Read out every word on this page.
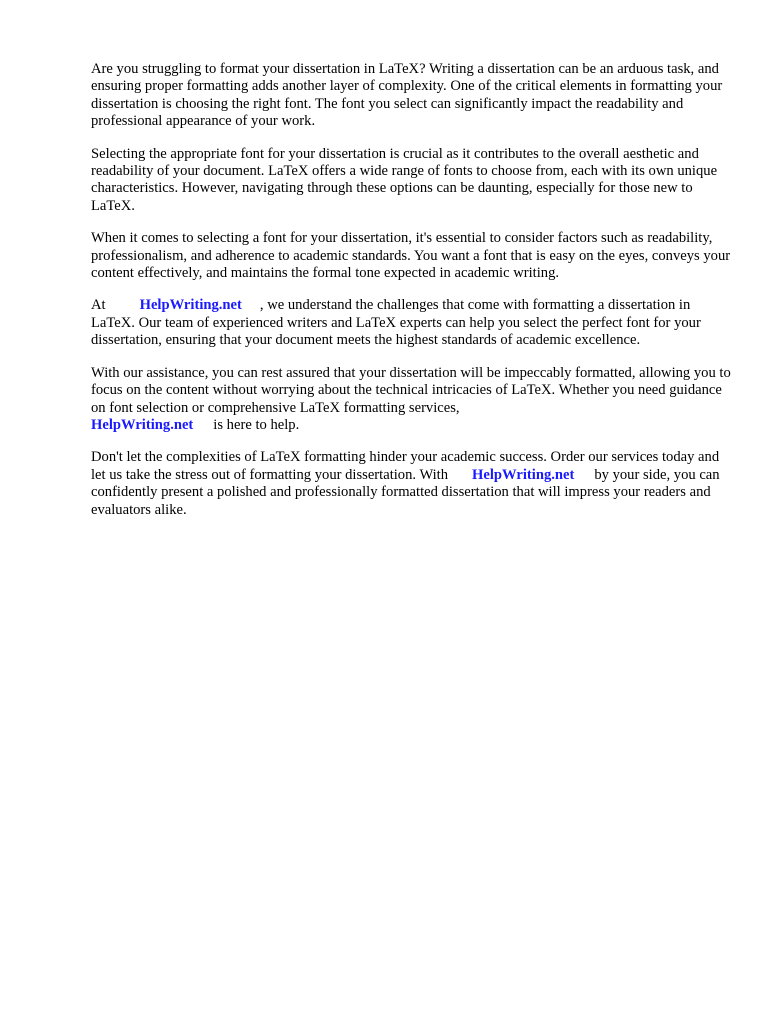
Are you struggling to format your dissertation in LaTeX? Writing a dissertation can be an arduous task, and ensuring proper formatting adds another layer of complexity. One of the critical elements in formatting your dissertation is choosing the right font. The font you select can significantly impact the readability and professional appearance of your work.

Selecting the appropriate font for your dissertation is crucial as it contributes to the overall aesthetic and readability of your document. LaTeX offers a wide range of fonts to choose from, each with its own unique characteristics. However, navigating through these options can be daunting, especially for those new to LaTeX.

When it comes to selecting a font for your dissertation, it's essential to consider factors such as readability, professionalism, and adherence to academic standards. You want a font that is easy on the eyes, conveys your content effectively, and maintains the formal tone expected in academic writing.

At HelpWriting.net , we understand the challenges that come with formatting a dissertation in LaTeX. Our team of experienced writers and LaTeX experts can help you select the perfect font for your dissertation, ensuring that your document meets the highest standards of academic excellence.

With our assistance, you can rest assured that your dissertation will be impeccably formatted, allowing you to focus on the content without worrying about the technical intricacies of LaTeX. Whether you need guidance on font selection or comprehensive LaTeX formatting services,
HelpWriting.net is here to help.

Don't let the complexities of LaTeX formatting hinder your academic success. Order our services today and let us take the stress out of formatting your dissertation. With HelpWriting.net by your side, you can confidently present a polished and professionally formatted dissertation that will impress your readers and evaluators alike.
